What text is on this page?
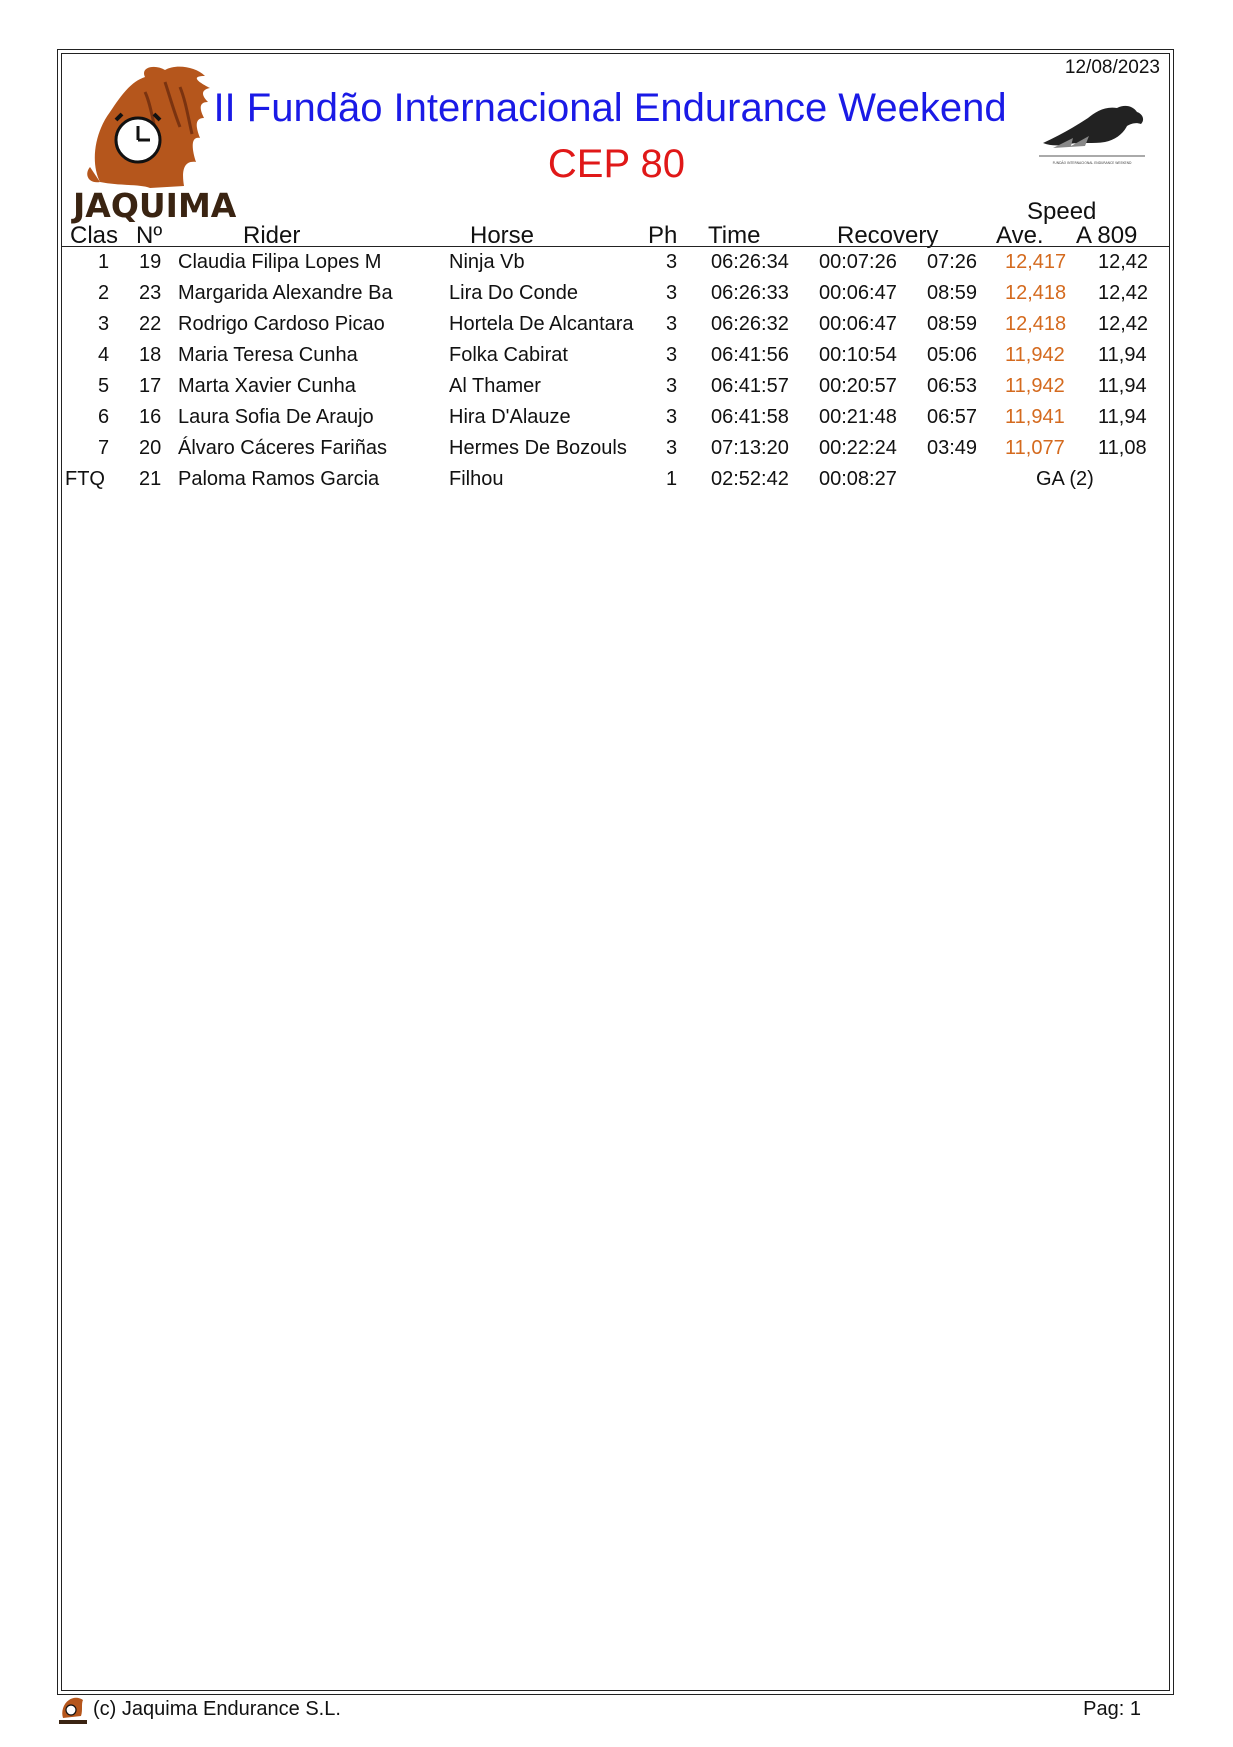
JAQUIMA
12/08/2023
II Fundão Internacional Endurance Weekend
CEP 80	FUNDÃO INTERNACIONAL ENDURANCE WEEKEND
Speed
Clas Nº	Rider	Horse	Ph Time	Recovery Ave. A 809
1 19 Claudia Filipa Lopes M	Ninja Vb	3 06:26:34 00:07:26 07:26 12,417 12,42
2 23 Margarida Alexandre Ba	Lira Do Conde	3 06:26:33 00:06:47 08:59 12,418 12,42
3 22 Rodrigo Cardoso Picao	Hortela De Alcantara 3 06:26:32 00:06:47 08:59 12,418 12,42
4 18 Maria Teresa Cunha	Folka Cabirat	3 06:41:56 00:10:54 05:06 11,942 11,94
5 17 Marta Xavier Cunha	Al Thamer	3 06:41:57 00:20:57 06:53 11,942 11,94
6 16 Laura Sofia De Araujo	Hira D'Alauze	3 06:41:58 00:21:48 06:57 11,941 11,94
7 20 Álvaro Cáceres Fariñas	Hermes De Bozouls 3 07:13:20 00:22:24 03:49 11,077 11,08
FTQ 21 Paloma Ramos Garcia	Filhou	1 02:52:42 00:08:27	GA (2)
(c) Jaquima Endurance S.L.	Pag: 1
